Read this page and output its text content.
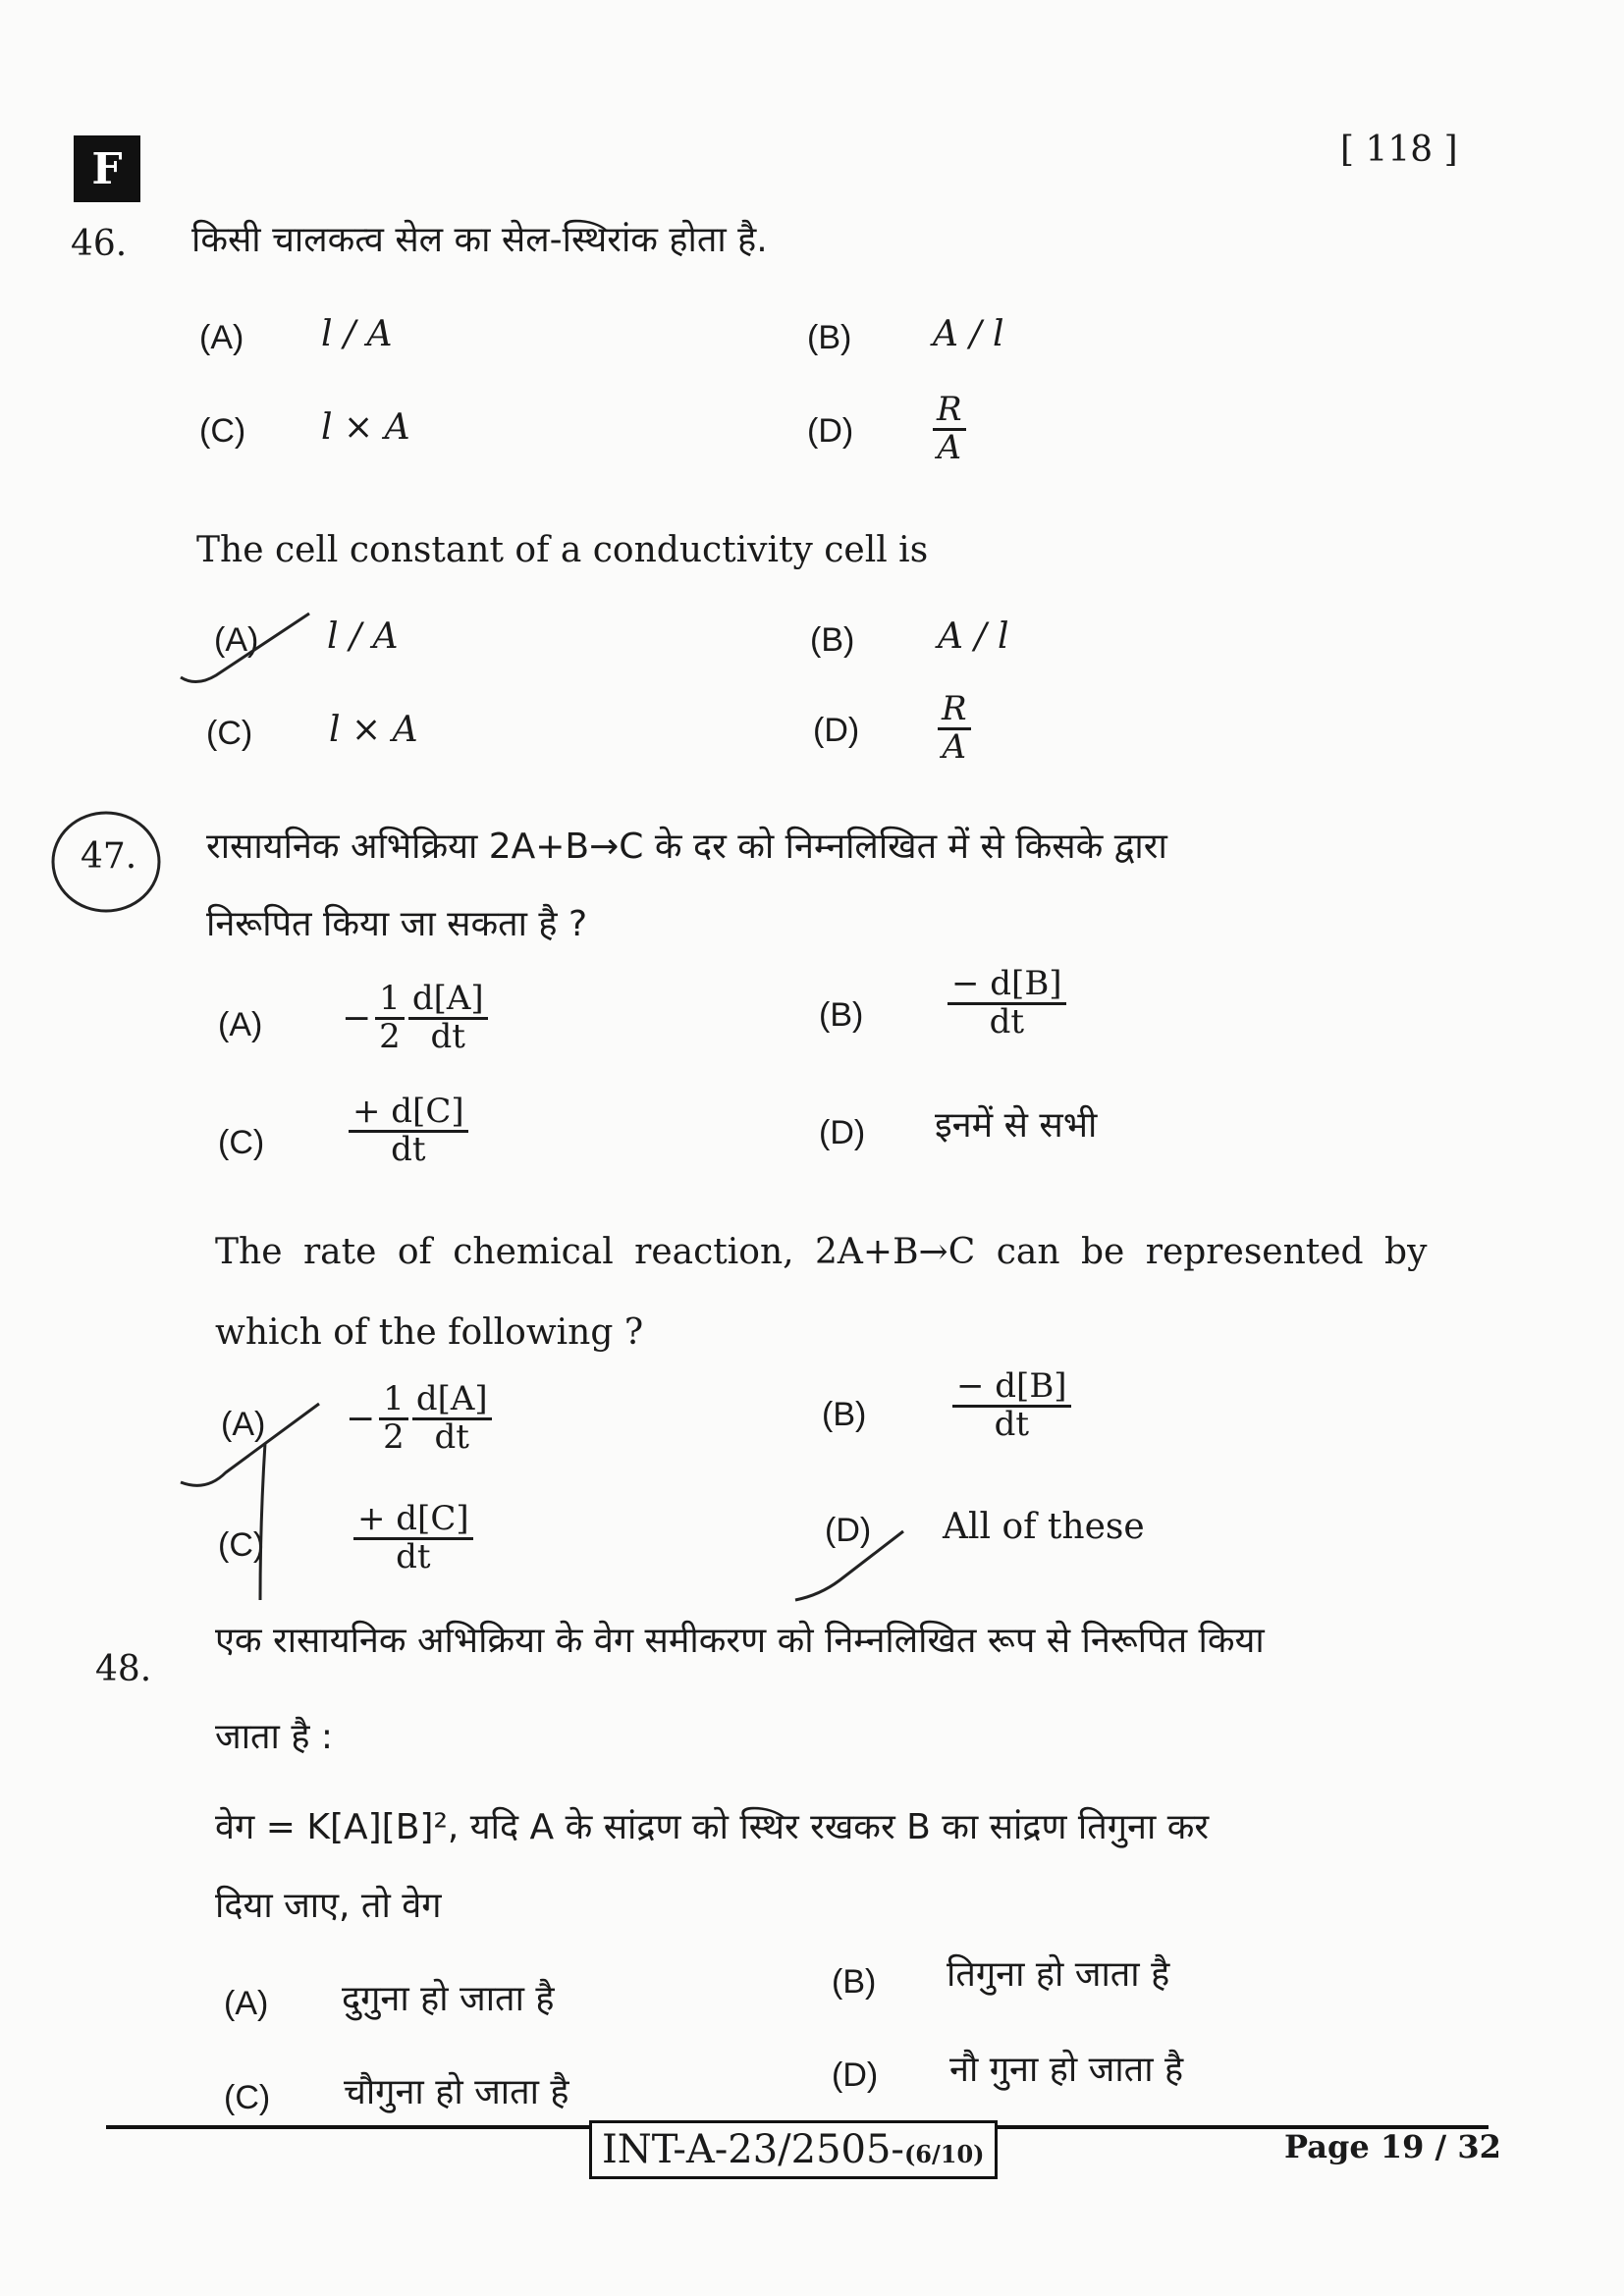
F	[ 118 ]
46. किसी चालकत्व सेल का सेल-स्थिरांक होता है.
(A) l / A	(B) A / l
(C) l × A	$(D) \frac{R}{A}$
The cell constant of a conductivity cell is
(A) l / A	(B) A / l
(C) l × A	$(D) \frac{R}{A}$
47. रासायनिक अभिक्रिया 2A+B→C के दर को निम्नलिखित में से किसके द्वारा
निरूपित किया जा सकता है ?
$(A) - \frac{1}{2} \frac{d[A]}{dt}$	(B)	$\frac{- d[B]}{dt}$
(C)	$\frac{+ d[C]}{dt}$	(D) इनमें से सभी
The rate of chemical reaction, 2A+B→C can be represented by
which of the following ?
$(A) - \frac{1}{2} \frac{d[A]}{dt}$	(B)	$\frac{- d[B]}{dt}$
(C)	$\frac{+ d[C]}{dt}$	(D) All of these
48.
एक रासायनिक अभिक्रिया के वेग समीकरण को निम्नलिखित रूप से निरूपित किया
जाता है :
वेग = K[A][B]², यदि A के सांद्रण को स्थिर रखकर B का सांद्रण तिगुना कर
दिया जाए, तो वेग
(A) दुगुना हो जाता है	(B) तिगुना हो जाता है
(C) चौगुना हो जाता है	(D) नौ गुना हो जाता है
INT-A-23/2505-(6/10)	Page 19 / 32
